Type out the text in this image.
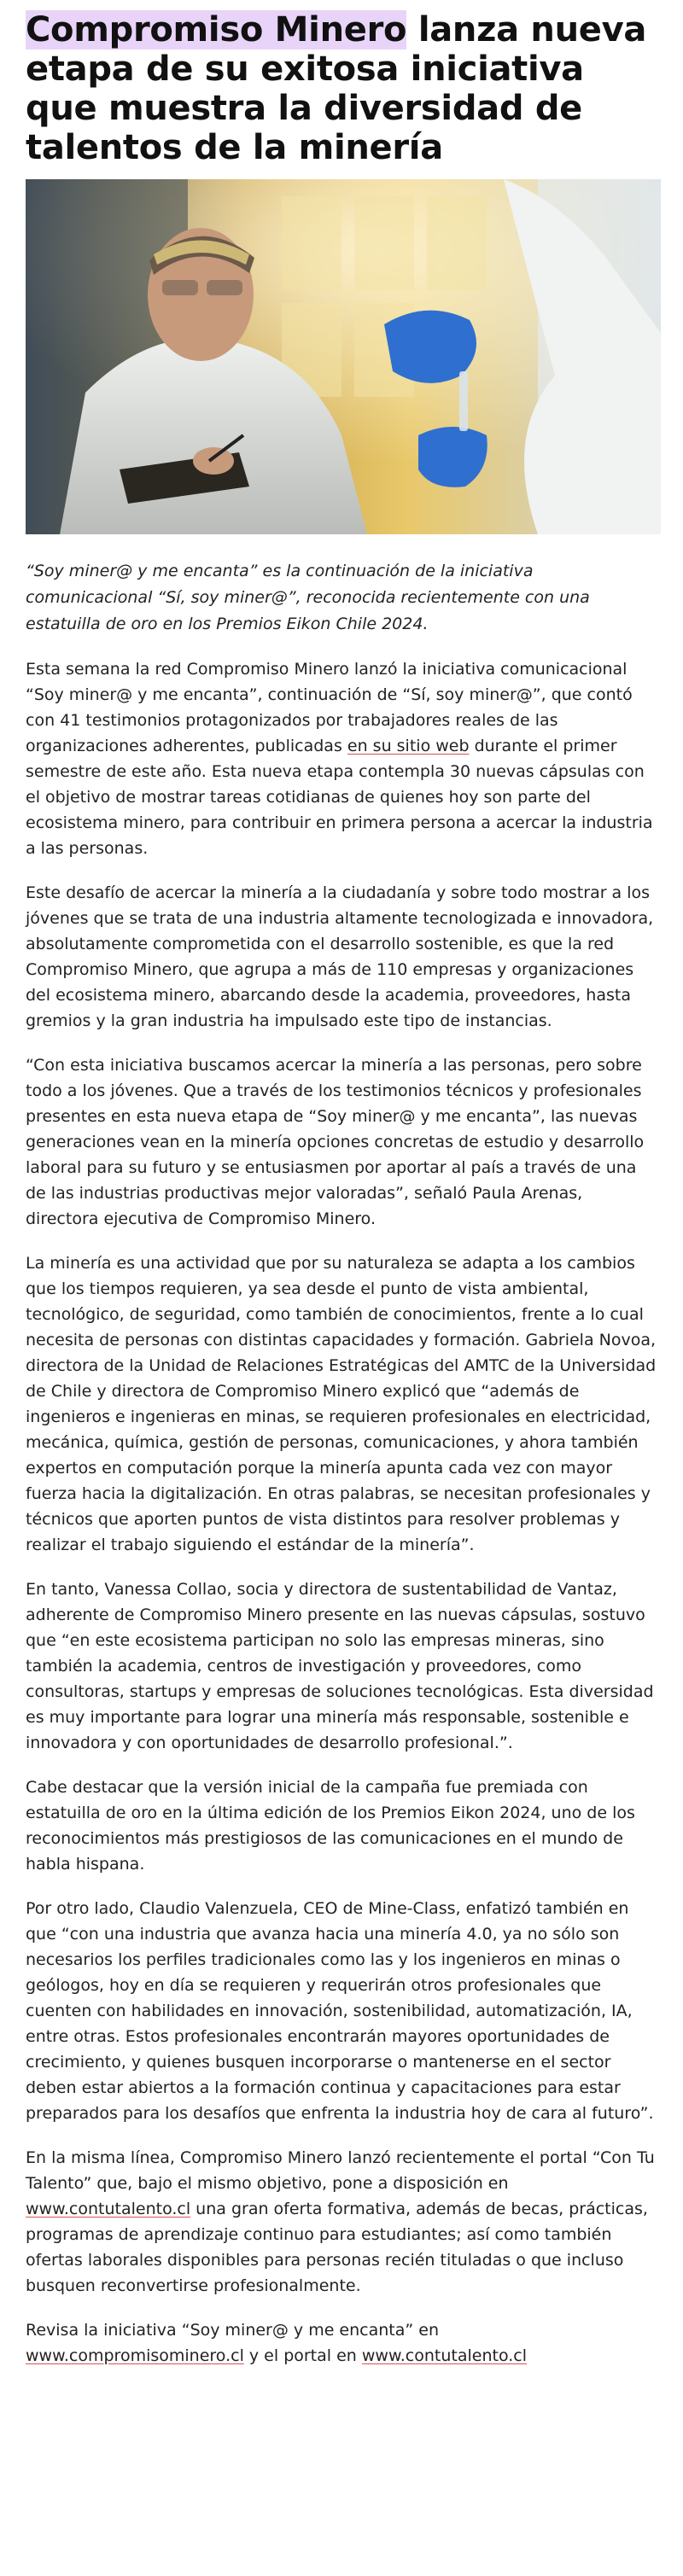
Compromiso Minero lanza nueva etapa de su exitosa iniciativa que muestra la diversidad de talentos de la minería

“Soy miner@ y me encanta” es la continuación de la iniciativa comunicacional “Sí, soy miner@”, reconocida recientemente con una estatuilla de oro en los Premios Eikon Chile 2024.

Esta semana la red Compromiso Minero lanzó la iniciativa comunicacional “Soy miner@ y me encanta”, continuación de “Sí, soy miner@”, que contó con 41 testimonios protagonizados por trabajadores reales de las organizaciones adherentes, publicadas en su sitio web durante el primer semestre de este año. Esta nueva etapa contempla 30 nuevas cápsulas con el objetivo de mostrar tareas cotidianas de quienes hoy son parte del ecosistema minero, para contribuir en primera persona a acercar la industria a las personas.

Este desafío de acercar la minería a la ciudadanía y sobre todo mostrar a los jóvenes que se trata de una industria altamente tecnologizada e innovadora, absolutamente comprometida con el desarrollo sostenible, es que la red Compromiso Minero, que agrupa a más de 110 empresas y organizaciones del ecosistema minero, abarcando desde la academia, proveedores, hasta gremios y la gran industria ha impulsado este tipo de instancias.

“Con esta iniciativa buscamos acercar la minería a las personas, pero sobre todo a los jóvenes. Que a través de los testimonios técnicos y profesionales presentes en esta nueva etapa de “Soy miner@ y me encanta”, las nuevas generaciones vean en la minería opciones concretas de estudio y desarrollo laboral para su futuro y se entusiasmen por aportar al país a través de una de las industrias productivas mejor valoradas”, señaló Paula Arenas, directora ejecutiva de Compromiso Minero.

La minería es una actividad que por su naturaleza se adapta a los cambios que los tiempos requieren, ya sea desde el punto de vista ambiental, tecnológico, de seguridad, como también de conocimientos, frente a lo cual necesita de personas con distintas capacidades y formación. Gabriela Novoa, directora de la Unidad de Relaciones Estratégicas del AMTC de la Universidad de Chile y directora de Compromiso Minero explicó que “además de ingenieros e ingenieras en minas, se requieren profesionales en electricidad, mecánica, química, gestión de personas, comunicaciones, y ahora también expertos en computación porque la minería apunta cada vez con mayor fuerza hacia la digitalización. En otras palabras, se necesitan profesionales y técnicos que aporten puntos de vista distintos para resolver problemas y realizar el trabajo siguiendo el estándar de la minería”.

En tanto, Vanessa Collao, socia y directora de sustentabilidad de Vantaz, adherente de Compromiso Minero presente en las nuevas cápsulas, sostuvo que “en este ecosistema participan no solo las empresas mineras, sino también la academia, centros de investigación y proveedores, como consultoras, startups y empresas de soluciones tecnológicas. Esta diversidad es muy importante para lograr una minería más responsable, sostenible e innovadora y con oportunidades de desarrollo profesional.”.

Cabe destacar que la versión inicial de la campaña fue premiada con estatuilla de oro en la última edición de los Premios Eikon 2024, uno de los reconocimientos más prestigiosos de las comunicaciones en el mundo de habla hispana.

Por otro lado, Claudio Valenzuela, CEO de Mine-Class, enfatizó también en que “con una industria que avanza hacia una minería 4.0, ya no sólo son necesarios los perfiles tradicionales como las y los ingenieros en minas o geólogos, hoy en día se requieren y requerirán otros profesionales que cuenten con habilidades en innovación, sostenibilidad, automatización, IA, entre otras. Estos profesionales encontrarán mayores oportunidades de crecimiento, y quienes busquen incorporarse o mantenerse en el sector deben estar abiertos a la formación continua y capacitaciones para estar preparados para los desafíos que enfrenta la industria hoy de cara al futuro”.

En la misma línea, Compromiso Minero lanzó recientemente el portal “Con Tu Talento” que, bajo el mismo objetivo, pone a disposición en www.contutalento.cl una gran oferta formativa, además de becas, prácticas, programas de aprendizaje continuo para estudiantes; así como también ofertas laborales disponibles para personas recién tituladas o que incluso busquen reconvertirse profesionalmente.

Revisa la iniciativa “Soy miner@ y me encanta” en www.compromisominero.cl y el portal en www.contutalento.cl
